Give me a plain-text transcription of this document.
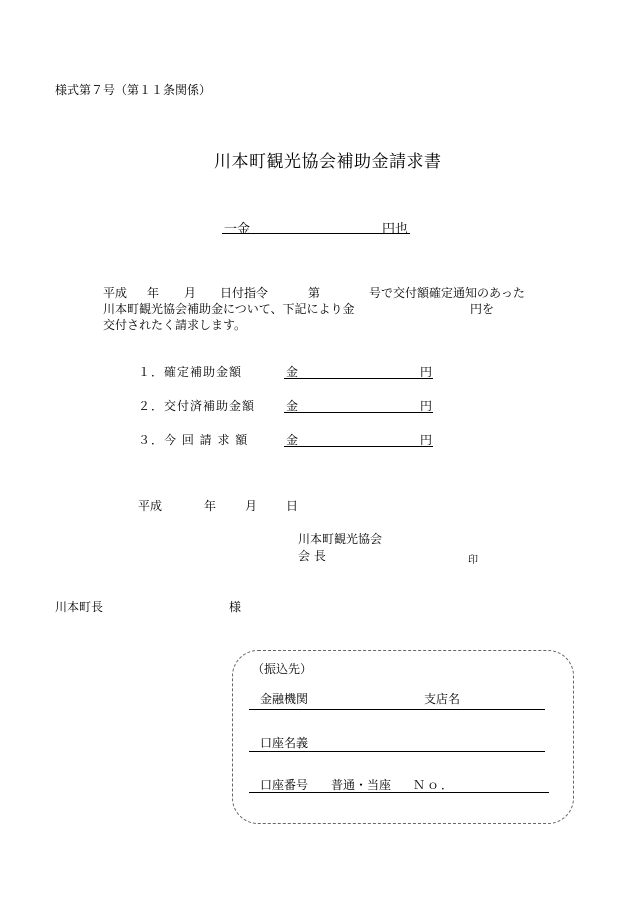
様式第７号（第１１条関係）
川本町観光協会補助金請求書
一金	円也
平成 年 月 日付指令	第	号で交付額確定通知のあった
川本町観光協会補助金について、下記により金	円を
交付されたく請求します。
１．確定補助金額	金	円
２．交付済補助金額	金	円
３．今 回 請 求 額	金	円
平成	年 月 日
川本町観光協会
会 長	印
川本町長	様
（振込先）
金融機関	支店名
口座名義
口座番号 普通・当座 Ｎｏ．
